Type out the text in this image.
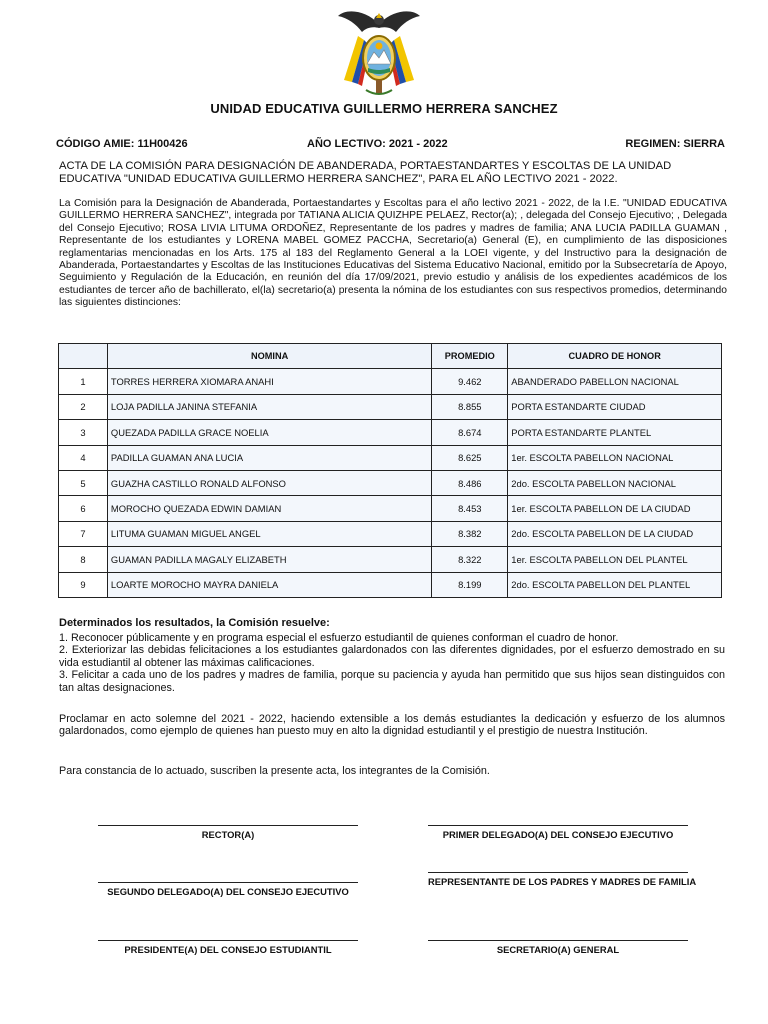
UNIDAD EDUCATIVA GUILLERMO HERRERA SANCHEZ
CÓDIGO AMIE: 11H00426	AÑO LECTIVO: 2021 - 2022	REGIMEN: SIERRA
ACTA DE LA COMISIÓN PARA DESIGNACIÓN DE ABANDERADA, PORTAESTANDARTES Y ESCOLTAS DE LA UNIDAD EDUCATIVA "UNIDAD EDUCATIVA GUILLERMO HERRERA SANCHEZ", PARA EL AÑO LECTIVO 2021 - 2022.
La Comisión para la Designación de Abanderada, Portaestandartes y Escoltas para el año lectivo 2021 - 2022, de la I.E. "UNIDAD EDUCATIVA GUILLERMO HERRERA SANCHEZ", integrada por TATIANA ALICIA QUIZHPE PELAEZ, Rector(a); , delegada del Consejo Ejecutivo; , Delegada del Consejo Ejecutivo; ROSA LIVIA LITUMA ORDOÑEZ, Representante de los padres y madres de familia; ANA LUCIA PADILLA GUAMAN , Representante de los estudiantes y LORENA MABEL GOMEZ PACCHA, Secretario(a) General (E), en cumplimiento de las disposiciones reglamentarias mencionadas en los Arts. 175 al 183 del Reglamento General a la LOEI vigente, y del Instructivo para la designación de Abanderada, Portaestandartes y Escoltas de las Instituciones Educativas del Sistema Educativo Nacional, emitido por la Subsecretaría de Apoyo, Seguimiento y Regulación de la Educación, en reunión del día 17/09/2021, previo estudio y análisis de los expedientes académicos de los estudiantes de tercer año de bachillerato, el(la) secretario(a) presenta la nómina de los estudiantes con sus respectivos promedios, determinando las siguientes distinciones:
	NOMINA	PROMEDIO	CUADRO DE HONOR
1	TORRES HERRERA XIOMARA ANAHI	9.462	ABANDERADO PABELLON NACIONAL
2	LOJA PADILLA JANINA STEFANIA	8.855	PORTA ESTANDARTE CIUDAD
3	QUEZADA PADILLA GRACE NOELIA	8.674	PORTA ESTANDARTE PLANTEL
4	PADILLA GUAMAN ANA LUCIA	8.625	1er. ESCOLTA PABELLON NACIONAL
5	GUAZHA CASTILLO RONALD ALFONSO	8.486	2do. ESCOLTA PABELLON NACIONAL
6	MOROCHO QUEZADA EDWIN DAMIAN	8.453	1er. ESCOLTA PABELLON DE LA CIUDAD
7	LITUMA GUAMAN MIGUEL ANGEL	8.382	2do. ESCOLTA PABELLON DE LA CIUDAD
8	GUAMAN PADILLA MAGALY ELIZABETH	8.322	1er. ESCOLTA PABELLON DEL PLANTEL
9	LOARTE MOROCHO MAYRA DANIELA	8.199	2do. ESCOLTA PABELLON DEL PLANTEL
Determinados los resultados, la Comisión resuelve:

1. Reconocer públicamente y en programa especial el esfuerzo estudiantil de quienes conforman el cuadro de honor.

2. Exteriorizar las debidas felicitaciones a los estudiantes galardonados con las diferentes dignidades, por el esfuerzo demostrado en su vida estudiantil al obtener las máximas calificaciones.

3. Felicitar a cada uno de los padres y madres de familia, porque su paciencia y ayuda han permitido que sus hijos sean distinguidos con tan altas designaciones.

Proclamar en acto solemne del 2021 - 2022, haciendo extensible a los demás estudiantes la dedicación y esfuerzo de los alumnos galardonados, como ejemplo de quienes han puesto muy en alto la dignidad estudiantil y el prestigio de nuestra Institución.
Para constancia de lo actuado, suscriben la presente acta, los integrantes de la Comisión.
RECTOR(A)	PRIMER DELEGADO(A) DEL CONSEJO EJECUTIVO
SEGUNDO DELEGADO(A) DEL CONSEJO EJECUTIVO
REPRESENTANTE DE LOS PADRES Y MADRES DE FAMILIA
PRESIDENTE(A) DEL CONSEJO ESTUDIANTIL	SECRETARIO(A) GENERAL
